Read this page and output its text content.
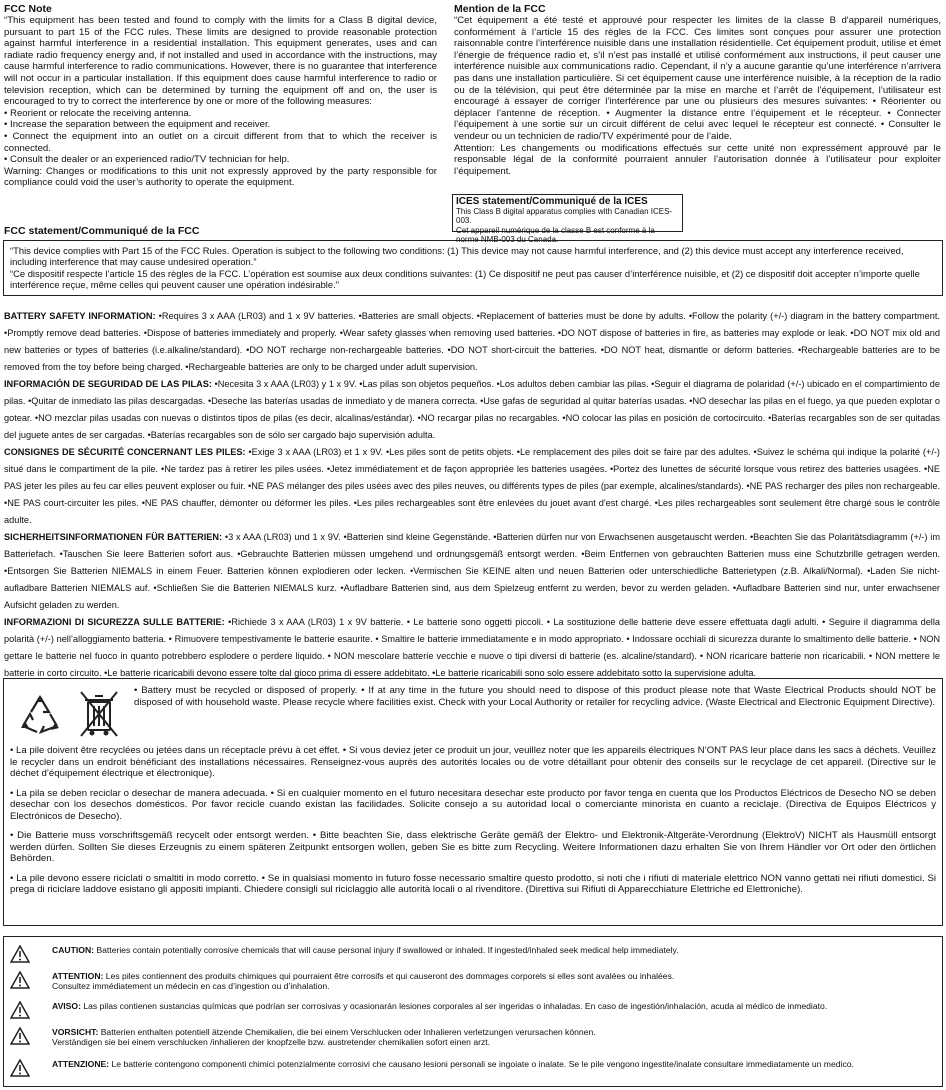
FCC Note

“This equipment has been tested and found to comply with the limits for a Class B digital device, pursuant to part 15 of the FCC rules. These limits are designed to provide reasonable protection against harmful interference in a residential installation. This equipment generates, uses and can radiate radio frequency energy and, if not installed and used in accordance with the instructions, may cause harmful interference to radio communications. However, there is no guarantee that interference will not occur in a particular installation. If this equipment does cause harmful interference to radio or television reception, which can be determined by turning the equipment off and on, the user is encouraged to try to correct the interference by one or more of the following measures:

• Reorient or relocate the receiving antenna.
• Increase the separation between the equipment and receiver.
• Connect the equipment into an outlet on a circuit different from that to which the receiver is connected.
• Consult the dealer or an experienced radio/TV technician for help.

Warning: Changes or modifications to this unit not expressly approved by the party responsible for compliance could void the user’s authority to operate the equipment.

Mention de la FCC

“Cet équipement a été testé et approuvé pour respecter les limites de la classe B d'appareil numériques, conformément à l’article 15 des règles de la FCC. Ces limites sont conçues pour assurer une protection raisonnable contre l’interférence nuisible dans une installation résidentielle. Cet équipement produit, utilise et émet l’énergie de fréquence radio et, s’il n’est pas installé et utilisé conformément aux instructions, il peut causer une interférence nuisible aux communications radio. Cependant, il n’y a aucune garantie qu’une interférence n’arrivera pas dans une installation particulière. Si cet équipement cause une interférence nuisible, à la réception de la radio ou de la télévision, qui peut être déterminée par la mise en marche et l’arrêt de l’équipement, l’utilisateur est encouragé à essayer de corriger l’interférence par une ou plusieurs des mesures suivantes: • Réorienter ou déplacer l’antenne de réception. • Augmenter la distance entre l’équipement et le récepteur. • Connecter l’équipement à une sortie sur un circuit différent de celui avec lequel le récepteur est connecté. • Consulter le vendeur ou un technicien de radio/TV expérimenté pour de l’aide.

Attention: Les changements ou modifications effectués sur cette unité non expressément approuvé par le responsable légal de la conformité pourraient annuler l’autorisation donnée à l’utilisateur pour exploiter l’équipement.

ICES statement/Communiqué de la ICES

This Class B digital apparatus complies with Canadian ICES-003.

Cet appareil numérique de la classe B est conforme à la norme NMB-003 du Canada.

FCC statement/Communiqué de la FCC

“This device complies with Part 15 of the FCC Rules. Operation is subject to the following two conditions: (1) This device may not cause harmful interference, and (2) this device must accept any interference received, including interference that may cause undesired operation.”

“Ce dispositif respecte l’article 15 des règles de la FCC. L’opération est soumise aux deux conditions suivantes: (1) Ce dispositif ne peut pas causer d’interférence nuisible, et (2) ce dispositif doit accepter n’importe quelle interférence reçue, même celles qui peuvent causer une opération indésirable.”

BATTERY SAFETY INFORMATION: •Requires 3 x AAA (LR03) and 1 x 9V batteries. •Batteries are small objects. •Replacement of batteries must be done by adults. •Follow the polarity (+/-) diagram in the battery compartment. •Promptly remove dead batteries. •Dispose of batteries immediately and properly. •Wear safety glasses when removing used batteries. •DO NOT dispose of batteries in fire, as batteries may explode or leak. •DO NOT mix old and new batteries or types of batteries (i.e.alkaline/standard). •DO NOT recharge non-rechargeable batteries. •DO NOT short-circuit the batteries. •DO NOT heat, dismantle or deform batteries. •Rechargeable batteries are to be removed from the toy before being charged. •Rechargeable batteries are only to be charged under adult supervision.

INFORMACIÓN DE SEGURIDAD DE LAS PILAS: •Necesita 3 x AAA (LR03) y 1 x 9V. •Las pilas son objetos pequeños. •Los adultos deben cambiar las pilas. •Seguir el diagrama de polaridad (+/-) ubicado en el compartimiento de pilas. •Quitar de inmediato las pilas descargadas. •Deseche las baterías usadas de inmediato y de manera correcta. •Use gafas de seguridad al quitar baterías usadas. •NO desechar las pilas en el fuego, ya que pueden explotar o gotear. •NO mezclar pilas usadas con nuevas o distintos tipos de pilas (es decir, alcalinas/estándar). •NO recargar pilas no recargables. •NO colocar las pilas en posición de cortocircuito. •Baterías recargables son de ser quitadas del juguete antes de ser cargadas. •Baterías recargables son de sólo ser cargado bajo supervisión adulta.

CONSIGNES DE SÉCURITÉ CONCERNANT LES PILES: •Exige 3 x AAA (LR03) et 1 x 9V. •Les piles sont de petits objets. •Le remplacement des piles doit se faire par des adultes. •Suivez le schéma qui indique la polarité (+/-) situé dans le compartiment de la pile. •Ne tardez pas à retirer les piles usées. •Jetez immédiatement et de façon appropriée les batteries usagées. •Portez des lunettes de sécurité lorsque vous retirez des batteries usagées. •NE PAS jeter les piles au feu car elles peuvent exploser ou fuir. •NE PAS mélanger des piles usées avec des piles neuves, ou différents types de piles (par exemple, alcalines/standards). •NE PAS recharger des piles non rechargeable. •NE PAS court-circuiter les piles. •NE PAS chauffer, démonter ou déformer les piles. •Les piles rechargeables sont être enlevées du jouet avant d'est chargé. •Les piles rechargeables sont seulement être chargé sous le contrôle adulte.

SICHERHEITSINFORMATIONEN FÜR BATTERIEN: •3 x AAA (LR03) und 1 x 9V. •Batterien sind kleine Gegenstände. •Batterien dürfen nur von Erwachsenen ausgetauscht werden. •Beachten Sie das Polaritätsdiagramm (+/-) im Batteriefach. •Tauschen Sie leere Batterien sofort aus. •Gebrauchte Batterien müssen umgehend und ordnungsgemäß entsorgt werden. •Beim Entfernen von gebrauchten Batterien muss eine Schutzbrille getragen werden. •Entsorgen Sie Batterien NIEMALS in einem Feuer. Batterien können explodieren oder lecken. •Vermischen Sie KEINE alten und neuen Batterien oder unterschiedliche Batterietypen (z.B. Alkali/Normal). •Laden Sie nicht-aufladbare Batterien NIEMALS auf. •Schließen Sie die Batterien NIEMALS kurz. •Aufladbare Batterien sind, aus dem Spielzeug entfernt zu werden, bevor zu werden geladen. •Aufladbare Batterien sind nur, unter erwachsener Aufsicht geladen zu werden.

INFORMAZIONI DI SICUREZZA SULLE BATTERIE: •Richiede 3 x AAA (LR03) 1 x 9V batterie. • Le batterie sono oggetti piccoli. • La sostituzione delle batterie deve essere effettuata dagli adulti. • Seguire il diagramma della polarità (+/-) nell’alloggiamento batteria. • Rimuovere tempestivamente le batterie esaurite. • Smaltire le batterie immediatamente e in modo appropriato. • Indossare occhiali di sicurezza durante lo smaltimento delle batterie. • NON gettare le batterie nel fuoco in quanto potrebbero esplodere o perdere liquido. • NON mescolare batterie vecchie e nuove o tipi diversi di batterie (es. alcaline/standard). • NON ricaricare batterie non ricaricabili. • NON mettere le batterie in corto circuito. •Le batterie ricaricabili devono essere tolte dal gioco prima di essere addebitato. •Le batterie ricaricabili sono solo essere addebitato sotto la supervisione adulta.

• Battery must be recycled or disposed of properly. • If at any time in the future you should need to dispose of this product please note that Waste Electrical Products should NOT be disposed of with household waste. Please recycle where facilities exist. Check with your Local Authority or retailer for recycling advice. (Waste Electrical and Electronic Equipment Directive).

• La pile doivent être recyclées ou jetées dans un réceptacle prévu à cet effet. • Si vous deviez jeter ce produit un jour, veuillez noter que les appareils électriques N’ONT PAS leur place dans les sacs à déchets. Veuillez le recycler dans un endroit bénéficiant des installations nécessaires. Renseignez-vous auprès des autorités locales ou de votre détaillant pour obtenir des conseils sur le recyclage de cet appareil. (Directive sur le déchet d’équipement électrique et électronique).

• La pila se deben reciclar o desechar de manera adecuada. • Si en cualquier momento en el futuro necesitara desechar este producto por favor tenga en cuenta que los Productos Eléctricos de Desecho NO se deben desechar con los desechos domésticos. Por favor recicle cuando existan las facilidades. Solicite consejo a su autoridad local o comerciante minorista en cuanto a reciclaje. (Directiva de Equipos Eléctricos y Electrónicos de Desecho).

• Die Batterie muss vorschriftsgemäß recycelt oder entsorgt werden. • Bitte beachten Sie, dass elektrische Geräte gemäß der Elektro- und Elektronik-Altgeräte-Verordnung (ElektroV) NICHT als Hausmüll entsorgt werden dürfen. Sollten Sie dieses Erzeugnis zu einem späteren Zeitpunkt entsorgen wollen, geben Sie es bitte zum Recycling. Weitere Informationen dazu erhalten Sie von Ihrem Händler vor Ort oder den örtlichen Behörden.

• La pile devono essere riciclati o smaltiti in modo corretto. • Se in qualsiasi momento in futuro fosse necessario smaltire questo prodotto, si noti che i rifiuti di materiale elettrico NON vanno gettati nei rifiuti domestici. Si prega di riciclare laddove esistano gli appositi impianti. Chiedere consigli sul riciclaggio alle autorità locali o al rivenditore. (Direttiva sui Rifiuti di Apparecchiature Elettriche ed Elettroniche).

CAUTION: Batteries contain potentially corrosive chemicals that will cause personal injury if swallowed or inhaled. If ingested/inhaled seek medical help immediately.

ATTENTION: Les piles contiennent des produits chimiques qui pourraient être corrosifs et qui causeront des dommages corporels si elles sont avalées ou inhalées.
Consultez immédiatement un médecin en cas d’ingestion ou d’inhalation.
AVISO: Las pilas contienen sustancias químicas que podrían ser corrosivas y ocasionarán lesiones corporales al ser ingeridas o inhaladas. En caso de ingestión/inhalación, acuda al médico de inmediato.

VORSICHT: Batterien enthalten potentiell ätzende Chemikalien, die bei einem Verschlucken oder Inhalieren verletzungen verursachen können.
Verständigen sie bei einem verschlucken /inhalieren der knopfzelle bzw. austretender chemikalien sofort einen arzt.
ATTENZIONE: Le batterie contengono componenti chimici potenzialmente corrosivi che causano lesioni personali se ingoiate o inalate. Se le pile vengono ingestite/inalate consultare immediatamente un medico.
